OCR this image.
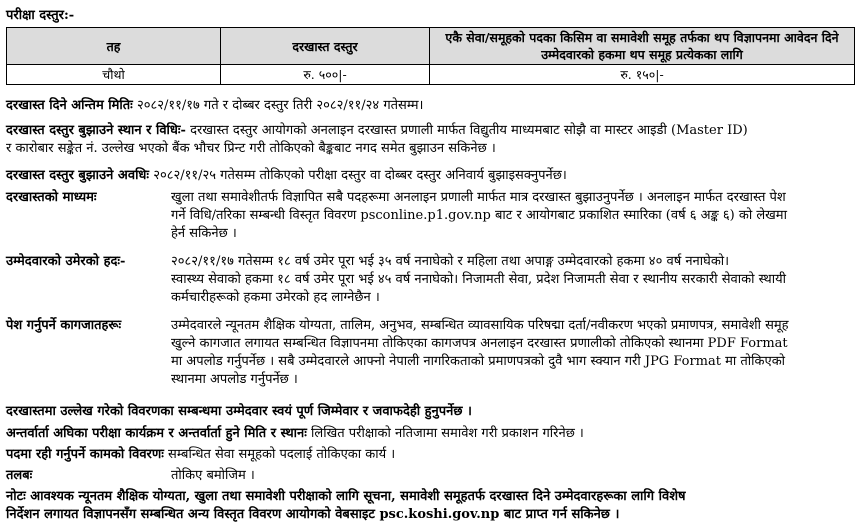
परीक्षा दस्तुर:-
तह	दरखास्त दस्तुर	एकै सेवा/समूहको पदका किसिम वा समावेशी समूह तर्फका थप विज्ञापनमा आवेदन दिने
उम्मेदवारको हकमा थप समूह प्रत्येकका लागि

चौथो	रु. ५००|-	रु. १५०|-
दरखास्त दिने अन्तिम मितिः २०८२/११/१७ गते र दोब्बर दस्तुर तिरी २०८२/११/२४ गतेसम्म।
दरखास्त दस्तुर बुझाउने स्थान र विधिः- दरखास्त दस्तुर आयोगको अनलाइन दरखास्त प्रणाली मार्फत विद्युतीय माध्यमबाट सोझै वा मास्टर आइडी (Master ID)
र कारोबार सङ्केत नं. उल्लेख भएको बैंक भौचर प्रिन्ट गरी तोकिएको बैङ्कबाट नगद समेत बुझाउन सकिनेछ ।
दरखास्त दस्तुर बुझाउने अवधिः २०८२/११/२५ गतेसम्म तोकिएको परीक्षा दस्तुर वा दोब्बर दस्तुर अनिवार्य बुझाइसक्नुपर्नेछ।
दरखास्तको माध्यमः	खुला तथा समावेशीतर्फ विज्ञापित सबै पदहरूमा अनलाइन प्रणाली मार्फत मात्र दरखास्त बुझाउनुपर्नेछ । अनलाइन मार्फत दरखास्त पेश
गर्ने विधि/तरिका सम्बन्धी विस्तृत विवरण psconline.p1.gov.np बाट र आयोगबाट प्रकाशित स्मारिका (वर्ष ६ अङ्क ६) को लेखमा
हेर्न सकिनेछ ।
उम्मेदवारको उमेरको हदः-	२०८२/११/१७ गतेसम्म १८ वर्ष उमेर पूरा भई ३५ वर्ष ननाघेको र महिला तथा अपाङ्ग उम्मेदवारको हकमा ४० वर्ष ननाघेको।
स्वास्थ्य सेवाको हकमा १८ वर्ष उमेर पूरा भई ४५ वर्ष ननाघेको। निजामती सेवा, प्रदेश निजामती सेवा र स्थानीय सरकारी सेवाको स्थायी
कर्मचारीहरूको हकमा उमेरको हद लाग्नेछैन ।
पेश गर्नुपर्ने कागजातहरूः	उम्मेदवारले न्यूनतम शैक्षिक योग्यता, तालिम, अनुभव, सम्बन्धित व्यावसायिक परिषद्मा दर्ता/नवीकरण भएको प्रमाणपत्र, समावेशी समूह
खुल्ने कागजात लगायत सम्बन्धित विज्ञापनमा तोकिएका कागजपत्र अनलाइन दरखास्त प्रणालीको तोकिएको स्थानमा PDF Format
मा अपलोड गर्नुपर्नेछ । सबै उम्मेदवारले आफ्नो नेपाली नागरिकताको प्रमाणपत्रको दुवै भाग स्क्यान गरी JPG Format मा तोकिएको
स्थानमा अपलोड गर्नुपर्नेछ ।
दरखास्तमा उल्लेख गरेको विवरणका सम्बन्धमा उम्मेदवार स्वयं पूर्ण जिम्मेवार र जवाफदेही हुनुपर्नेछ ।
अन्तर्वार्ता अघिका परीक्षा कार्यक्रम र अन्तर्वार्ता हुने मिति र स्थानः लिखित परीक्षाको नतिजामा समावेश गरी प्रकाशन गरिनेछ ।
पदमा रही गर्नुपर्ने कामको विवरणः सम्बन्धित सेवा समूहको पदलाई तोकिएका कार्य ।
तलबः	तोकिए बमोजिम ।
नोटः आवश्यक न्यूनतम शैक्षिक योग्यता, खुला तथा समावेशी परीक्षाको लागि सूचना, समावेशी समूहतर्फ दरखास्त दिने उम्मेदवारहरूका लागि विशेष
निर्देशन लगायत विज्ञापनसँग सम्बन्धित अन्य विस्तृत विवरण आयोगको वेबसाइट psc.koshi.gov.np बाट प्राप्त गर्न सकिनेछ ।
